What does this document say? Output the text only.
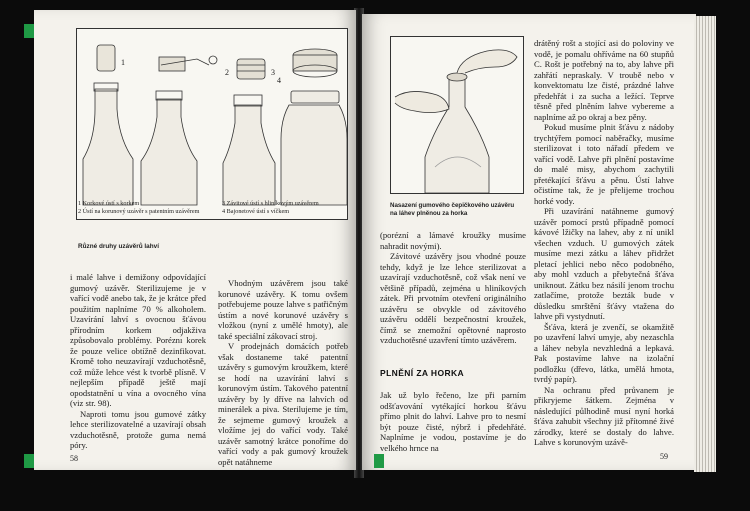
1
2	3
4
1 Korkové ústí s korkem
2 Ústí na korunový uzávěr s patentním uzávěrem
3 Závitové ústí s hliníkovým uzávěrem
4 Bajonetové ústí s víčkem
Různé druhy uzávěrů lahví

i malé lahve i demižony odpovídající gumový uzávěr. Sterilizujeme je v vařící vodě anebo tak, že je krátce před použitím naplníme 70 % alkoholem. Uzavírání lahví s ovocnou šťávou přírodním korkem odjakživa způsobovalo problémy. Poréznı́ korek že pouze velice obtížně dezinfikovat. Kromě toho neuzavírají vzduchotěsně, což může lehce vést k tvorbě plísně. V nejlepším případě ještě mají opodstatnění u vína a ovocného vína (viz str. 98).

Naproti tomu jsou gumové zátky lehce sterilizovatelné a uzavírají obsah vzduchotěsně, protože guma nemá póry.

Vhodným uzávěrem jsou také korunové uzávěry. K tomu ovšem potřebujeme pouze lahve s patřičným ústím a nové korunové uzávěry s vložkou (nyní z umělé hmoty), ale také speciální zákovací stroj.

V prodejnách domácích potřeb však dostaneme také patentní uzávěry s gumovým kroužkem, které se hodí na uzavírání lahví s korunovým ústím. Takového patentní uzávěry by ly dříve na lahvích od minerálek a piva. Sterilujeme je tím, že sejmeme gumový kroužek a vložíme jej do vařící vody. Také uzávěr samotný krátce ponoříme do vařící vody a pak gumový kroužek opět natáhneme

58
Nasazení gumového čepičkového uzávěru na láhev plněnou za horka

(porézní a lámavé kroužky musíme nahradit novými).

Závitové uzávěry jsou vhodné pouze tehdy, když je lze lehce sterilizovat a uzavírají vzduchotěsně, což však není ve většině případů, zejména u hliníkových zátek. Při prvotním otevření originálního uzávěru se obvykle od závitového uzávěru oddělí bezpečnostní kroužek, čímž se znemožní opětovné naprosto vzduchotěsné uzavření tímto uzávěrem.

PLNĚNÍ ZA HORKA

Jak už bylo řečeno, lze při parním odšťavování vytékající horkou šťávu přímo plnit do lahví. Lahve pro to nesmí být pouze čisté, nýbrž i předehřáté. Naplníme je vodou, postavíme je do velkého hrnce na

drátěný rošt a stojící asi do poloviny ve vodě, je pomalu ohříváme na 60 stupňů C. Rošt je potřebný na to, aby lahve při zahřátí nepraskaly. V troubě nebo v konvektomatu lze čisté, prázdné lahve předehřát i za sucha a ležící. Teprve těsně před plněním lahve vybereme a naplníme až po okraj a bez pěny.

Pokud musíme plnit šťávu z nádoby trychtýřem pomocí naběračky, musíme sterilizovat i toto nářadí předem ve vařící vodě. Lahve při plnění postavíme do malé misy, abychom zachytili přetékající šťávu a pěnu. Ústí lahve očistíme tak, že je přelijeme trochou horké vody.

Při uzavírání natáhneme gumový uzávěr pomocí prstů případně pomocí kávové lžičky na lahev, aby z ní unikl všechen vzduch. U gumových zátek musíme mezi zátku a láhev přidržet pletací jehlici nebo něco podobného, aby mohl vzduch a přebytečná šťáva uniknout. Zátku bez násilí jenom trochu zatlačíme, protože bezták bude v důsledku smrštění šťávy vtažena do lahve při vystydnutí.

Šťáva, která je zvenčí, se okamžitě po uzavření lahví umyje, aby nezaschla a láhev nebyla nevzhledná a lepkavá. Pak postavíme lahve na izolační podložku (dřevo, látka, umělá hmota, tvrdý papír).

Na ochranu před průvanem je přikryjeme šátkem. Zejména v následující půlhodině musí nyní horká šťáva zahubit všechny již přítomné živé zárodky, které se dostaly do lahve. Lahve s korunovým uzávě-

59
